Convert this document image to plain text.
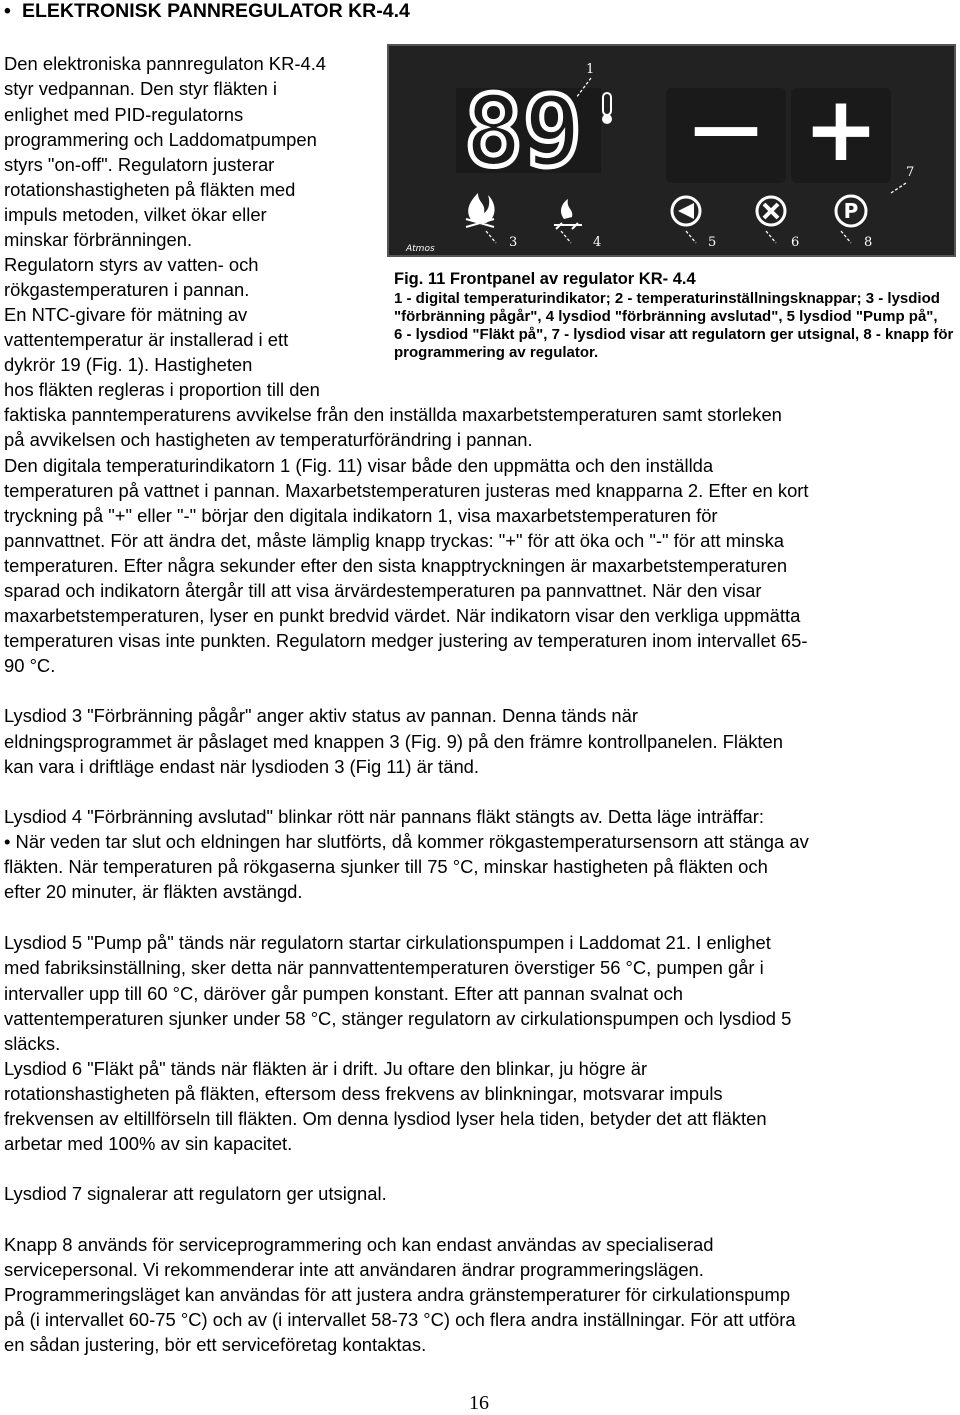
• ELEKTRONISK PANNREGULATOR KR-4.4
Den elektroniska pannregulaton KR-4.4
styr vedpannan. Den styr fläkten i
enlighet med PID-regulatorns
programmering och Laddomatpumpen
styrs "on-off". Regulatorn justerar
rotationshastigheten på fläkten med
impuls metoden, vilket ökar eller
minskar förbränningen.
Regulatorn styrs av vatten- och
rökgastemperaturen i pannan.
En NTC-givare för mätning av
vattentemperatur är installerad i ett
dykrör 19 (Fig. 1). Hastigheten
hos fläkten regleras i proportion till den
faktiska panntemperaturens avvikelse från den inställda maxarbetstemperaturen samt storleken
på avvikelsen och hastigheten av temperaturförändring i pannan.
Den digitala temperaturindikatorn 1 (Fig. 11) visar både den uppmätta och den inställda
temperaturen på vattnet i pannan. Maxarbetstemperaturen justeras med knapparna 2. Efter en kort
tryckning på "+" eller "-" börjar den digitala indikatorn 1, visa maxarbetstemperaturen för
pannvattnet. För att ändra det, måste lämplig knapp tryckas: "+" för att öka och "-" för att minska
temperaturen. Efter några sekunder efter den sista knapptryckningen är maxarbetstemperaturen
sparad och indikatorn återgår till att visa ärvärdestemperaturen pa pannvattnet. När den visar
maxarbetstemperaturen, lyser en punkt bredvid värdet. När indikatorn visar den verkliga uppmätta
temperaturen visas inte punkten. Regulatorn medger justering av temperaturen inom intervallet 65-
90 °C.
Lysdiod 3 "Förbränning pågår" anger aktiv status av pannan. Denna tänds när
eldningsprogrammet är påslaget med knappen 3 (Fig. 9) på den främre kontrollpanelen. Fläkten
kan vara i driftläge endast när lysdioden 3 (Fig 11) är tänd.
Lysdiod 4 "Förbränning avslutad" blinkar rött när pannans fläkt stängts av. Detta läge inträffar:
• När veden tar slut och eldningen har slutförts, då kommer rökgastemperatursensorn att stänga av
fläkten. När temperaturen på rökgaserna sjunker till 75 °C, minskar hastigheten på fläkten och
efter 20 minuter, är fläkten avstängd.
Lysdiod 5 "Pump på" tänds när regulatorn startar cirkulationspumpen i Laddomat 21. I enlighet
med fabriksinställning, sker detta när pannvattentemperaturen överstiger 56 °C, pumpen går i
intervaller upp till 60 °C, däröver går pumpen konstant. Efter att pannan svalnat och
vattentemperaturen sjunker under 58 °C, stänger regulatorn av cirkulationspumpen och lysdiod 5
släcks.
Lysdiod 6 "Fläkt på" tänds när fläkten är i drift. Ju oftare den blinkar, ju högre är
rotationshastigheten på fläkten, eftersom dess frekvens av blinkningar, motsvarar impuls
frekvensen av eltillförseln till fläkten. Om denna lysdiod lyser hela tiden, betyder det att fläkten
arbetar med 100% av sin kapacitet.
Lysdiod 7 signalerar att regulatorn ger utsignal.
Knapp 8 används för serviceprogrammering och kan endast användas av specialiserad
servicepersonal. Vi rekommenderar inte att användaren ändrar programmeringslägen.
Programmeringsläget kan användas för att justera andra gränstemperaturer för cirkulationspump
på (i intervallet 60-75 °C) och av (i intervallet 58-73 °C) och flera andra inställningar. För att utföra
en sådan justering, bör ett serviceföretag kontaktas.
89 — +
1
7
3	4	5	6	8
P
Atmos
Fig. 11 Frontpanel av regulator KR- 4.4
1 - digital temperaturindikator; 2 - temperaturinställningsknappar; 3 - lysdiod
"förbränning pågår", 4 lysdiod "förbränning avslutad", 5 lysdiod "Pump på",
6 - lysdiod "Fläkt på", 7 - lysdiod visar att regulatorn ger utsignal, 8 - knapp för
programmering av regulator.
16
